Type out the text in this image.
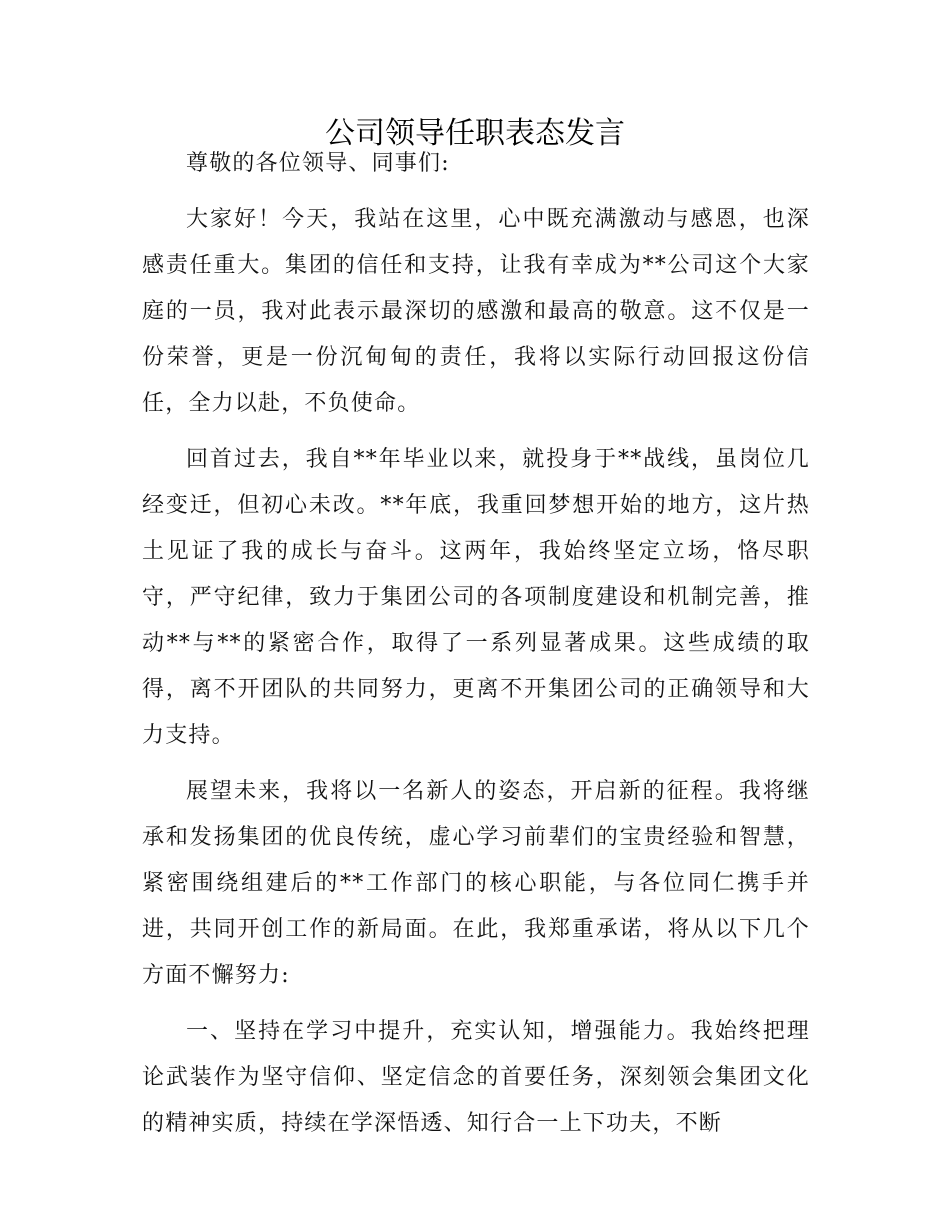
公司领导任职表态发言

尊敬的各位领导、同事们:

大家好！今天，我站在这里，心中既充满激动与感恩，也深感责任重大。集团的信任和支持，让我有幸成为**公司这个大家庭的一员，我对此表示最深切的感激和最高的敬意。这不仅是一份荣誉，更是一份沉甸甸的责任，我将以实际行动回报这份信任，全力以赴，不负使命。

回首过去，我自**年毕业以来，就投身于**战线，虽岗位几经变迁，但初心未改。**年底，我重回梦想开始的地方，这片热土见证了我的成长与奋斗。这两年，我始终坚定立场，恪尽职守，严守纪律，致力于集团公司的各项制度建设和机制完善，推动**与**的紧密合作，取得了一系列显著成果。这些成绩的取得，离不开团队的共同努力，更离不开集团公司的正确领导和大力支持。

展望未来，我将以一名新人的姿态，开启新的征程。我将继承和发扬集团的优良传统，虚心学习前辈们的宝贵经验和智慧，紧密围绕组建后的**工作部门的核心职能，与各位同仁携手并进，共同开创工作的新局面。在此，我郑重承诺，将从以下几个方面不懈努力:

一、坚持在学习中提升，充实认知，增强能力。我始终把理论武装作为坚守信仰、坚定信念的首要任务，深刻领会集团文化的精神实质，持续在学深悟透、知行合一上下功夫，不断
